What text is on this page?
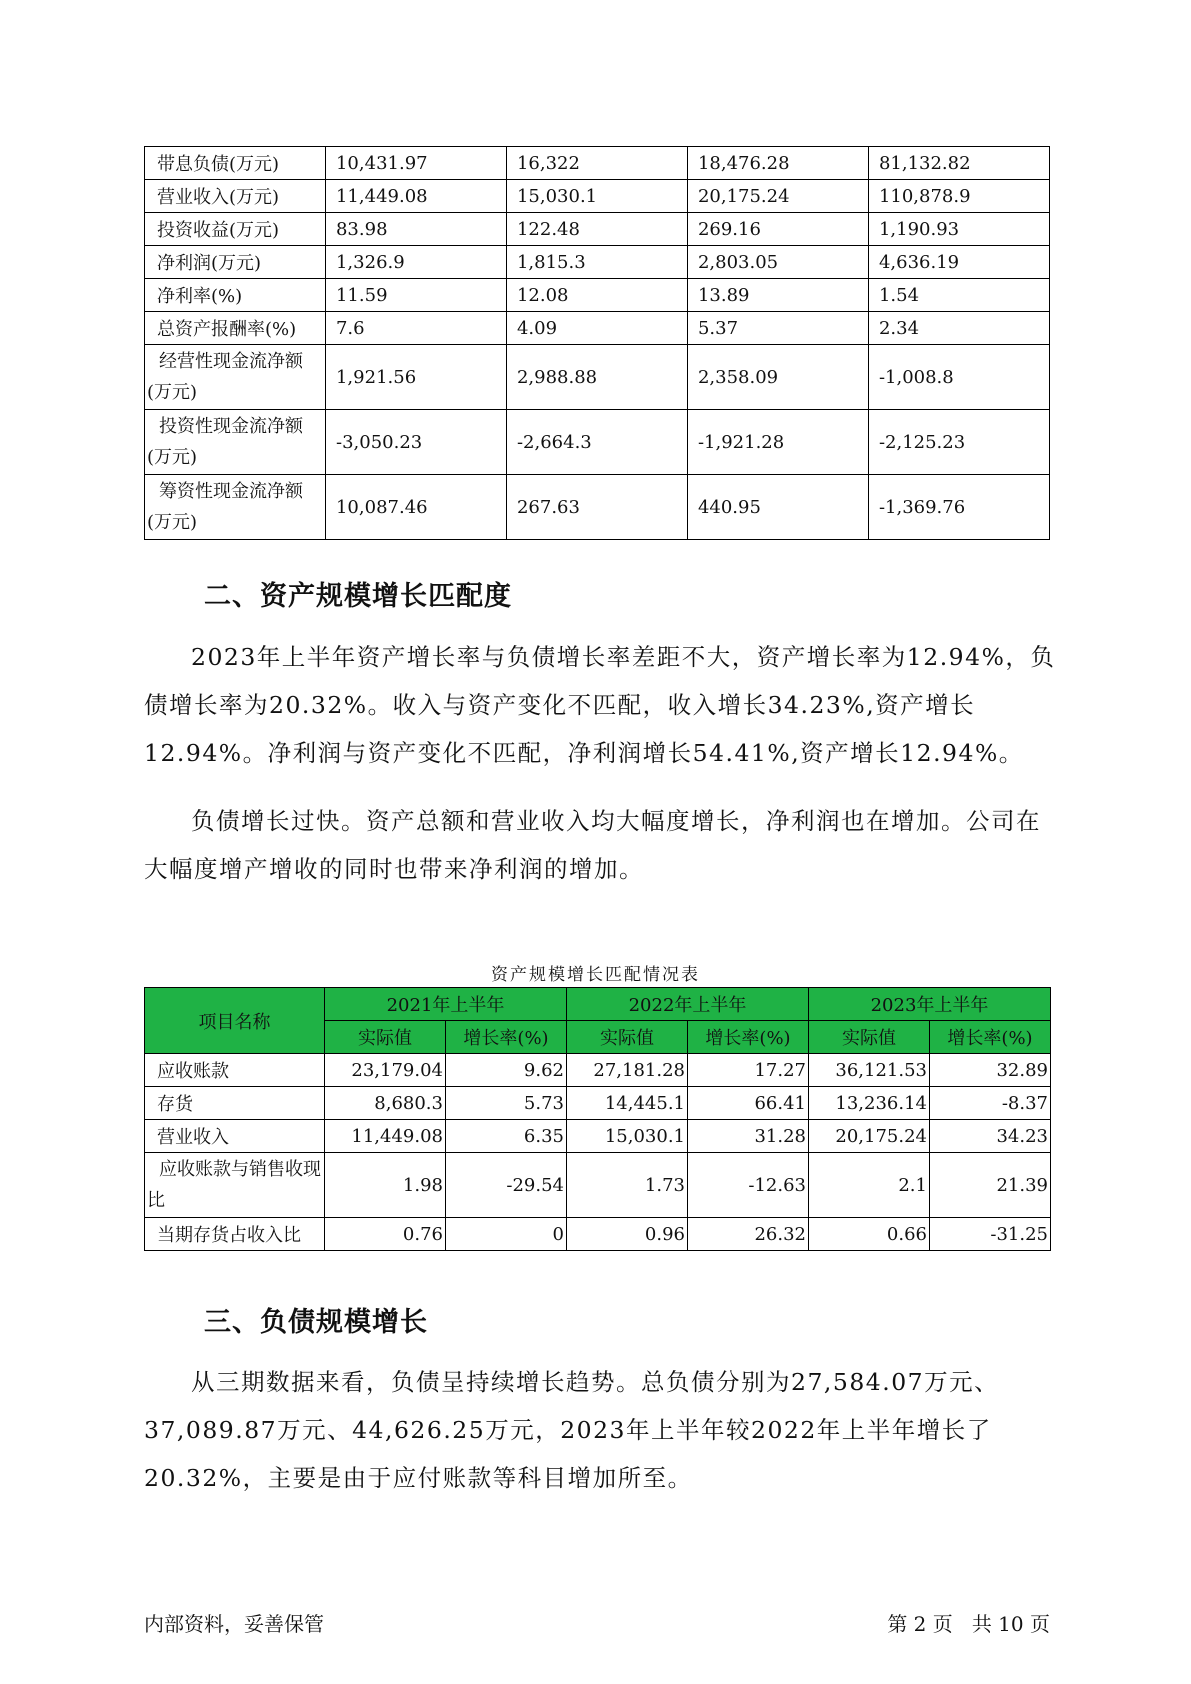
带息负债(万元)	10,431.97	16,322	18,476.28	81,132.82
营业收入(万元)	11,449.08	15,030.1	20,175.24	110,878.9
投资收益(万元)	83.98	122.48	269.16	1,190.93
净利润(万元)	1,326.9	1,815.3	2,803.05	4,636.19
净利率(%)	11.59	12.08	13.89	1.54
总资产报酬率(%)	7.6	4.09	5.37	2.34
经营性现金流净额(万元)	1,921.56	2,988.88	2,358.09	-1,008.8
投资性现金流净额(万元)	-3,050.23	-2,664.3	-1,921.28	-2,125.23
筹资性现金流净额(万元)	10,087.46	267.63	440.95	-1,369.76
二、资产规模增长匹配度

2023年上半年资产增长率与负债增长率差距不大，资产增长率为12.94%，负债增长率为20.32%。收入与资产变化不匹配，收入增长34.23%,资产增长12.94%。净利润与资产变化不匹配，净利润增长54.41%,资产增长12.94%。

负债增长过快。资产总额和营业收入均大幅度增长，净利润也在增加。公司在大幅度增产增收的同时也带来净利润的增加。

资产规模增长匹配情况表
项目名称	2021年上半年		2022年上半年		2023年上半年	
	实际值	增长率(%)	实际值	增长率(%)	实际值	增长率(%)
应收账款	23,179.04	9.62	27,181.28	17.27	36,121.53	32.89
存货	8,680.3	5.73	14,445.1	66.41	13,236.14	-8.37
营业收入	11,449.08	6.35	15,030.1	31.28	20,175.24	34.23
应收账款与销售收现比	1.98	-29.54	1.73	-12.63	2.1	21.39
当期存货占收入比	0.76	0	0.96	26.32	0.66	-31.25
三、负债规模增长

从三期数据来看，负债呈持续增长趋势。总负债分别为27,584.07万元、37,089.87万元、44,626.25万元，2023年上半年较2022年上半年增长了20.32%，主要是由于应付账款等科目增加所至。

内部资料，妥善保管	第 2 页   共 10 页
